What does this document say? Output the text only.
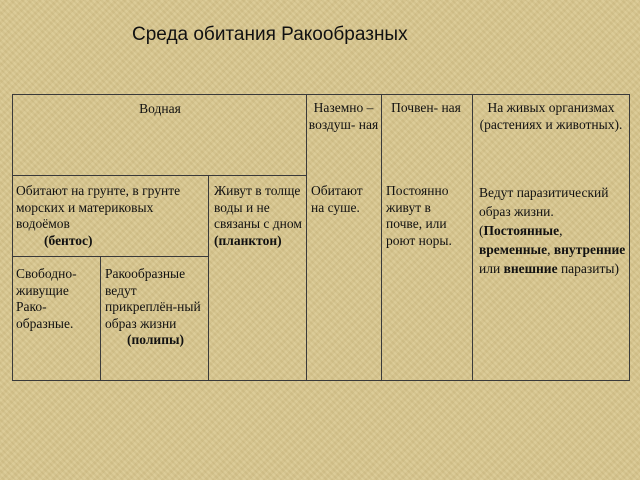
Среда обитания Ракообразных
Водная	Наземно – воздуш- ная
Почвен- ная	На живых организмах (растениях и животных).
Обитают на грунте, в грунте морских и материковых водоёмов
(бентос)
Живут в толще воды и не связаны с дном
(планктон)
Свободно-живущие Рако-образные.
Ракообразные ведут прикреплён-ный образ жизни
(полипы)
Обитают на суше.
Постоянно живут в почве, или роют норы.
Ведут паразитический образ жизни. (Постоянные, временные, внутренние или внешние паразиты)
